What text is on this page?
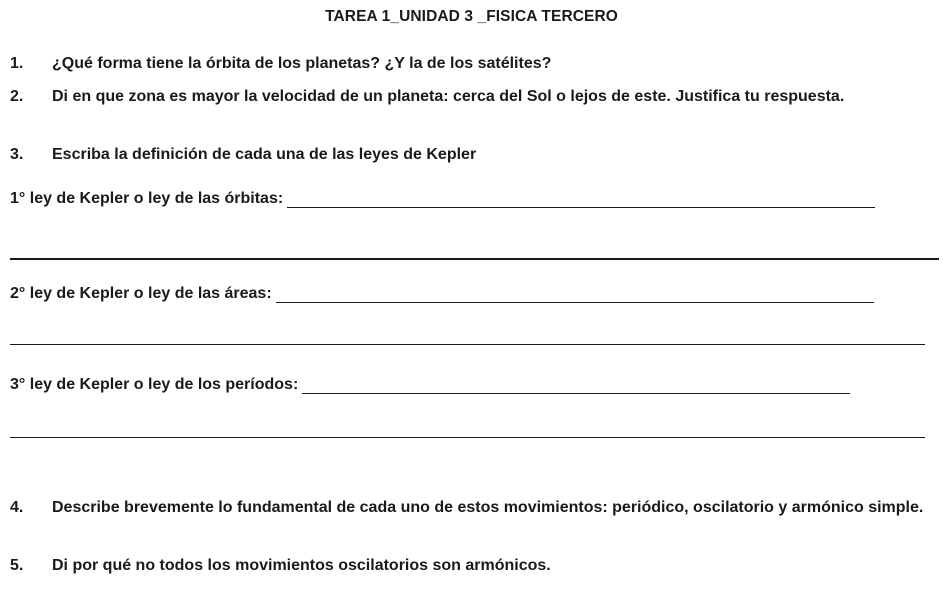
TAREA 1_UNIDAD 3 _FISICA TERCERO
1. ¿Qué forma tiene la órbita de los planetas? ¿Y la de los satélites?
2. Di en que zona es mayor la velocidad de un planeta: cerca del Sol o lejos de este. Justifica tu respuesta.
3. Escriba la definición de cada una de las leyes de Kepler
1° ley de Kepler o ley de las órbitas:
2° ley de Kepler o ley de las áreas:
3° ley de Kepler o ley de los períodos:
4. Describe brevemente lo fundamental de cada uno de estos movimientos: periódico, oscilatorio y armónico simple.
5. Di por qué no todos los movimientos oscilatorios son armónicos.
